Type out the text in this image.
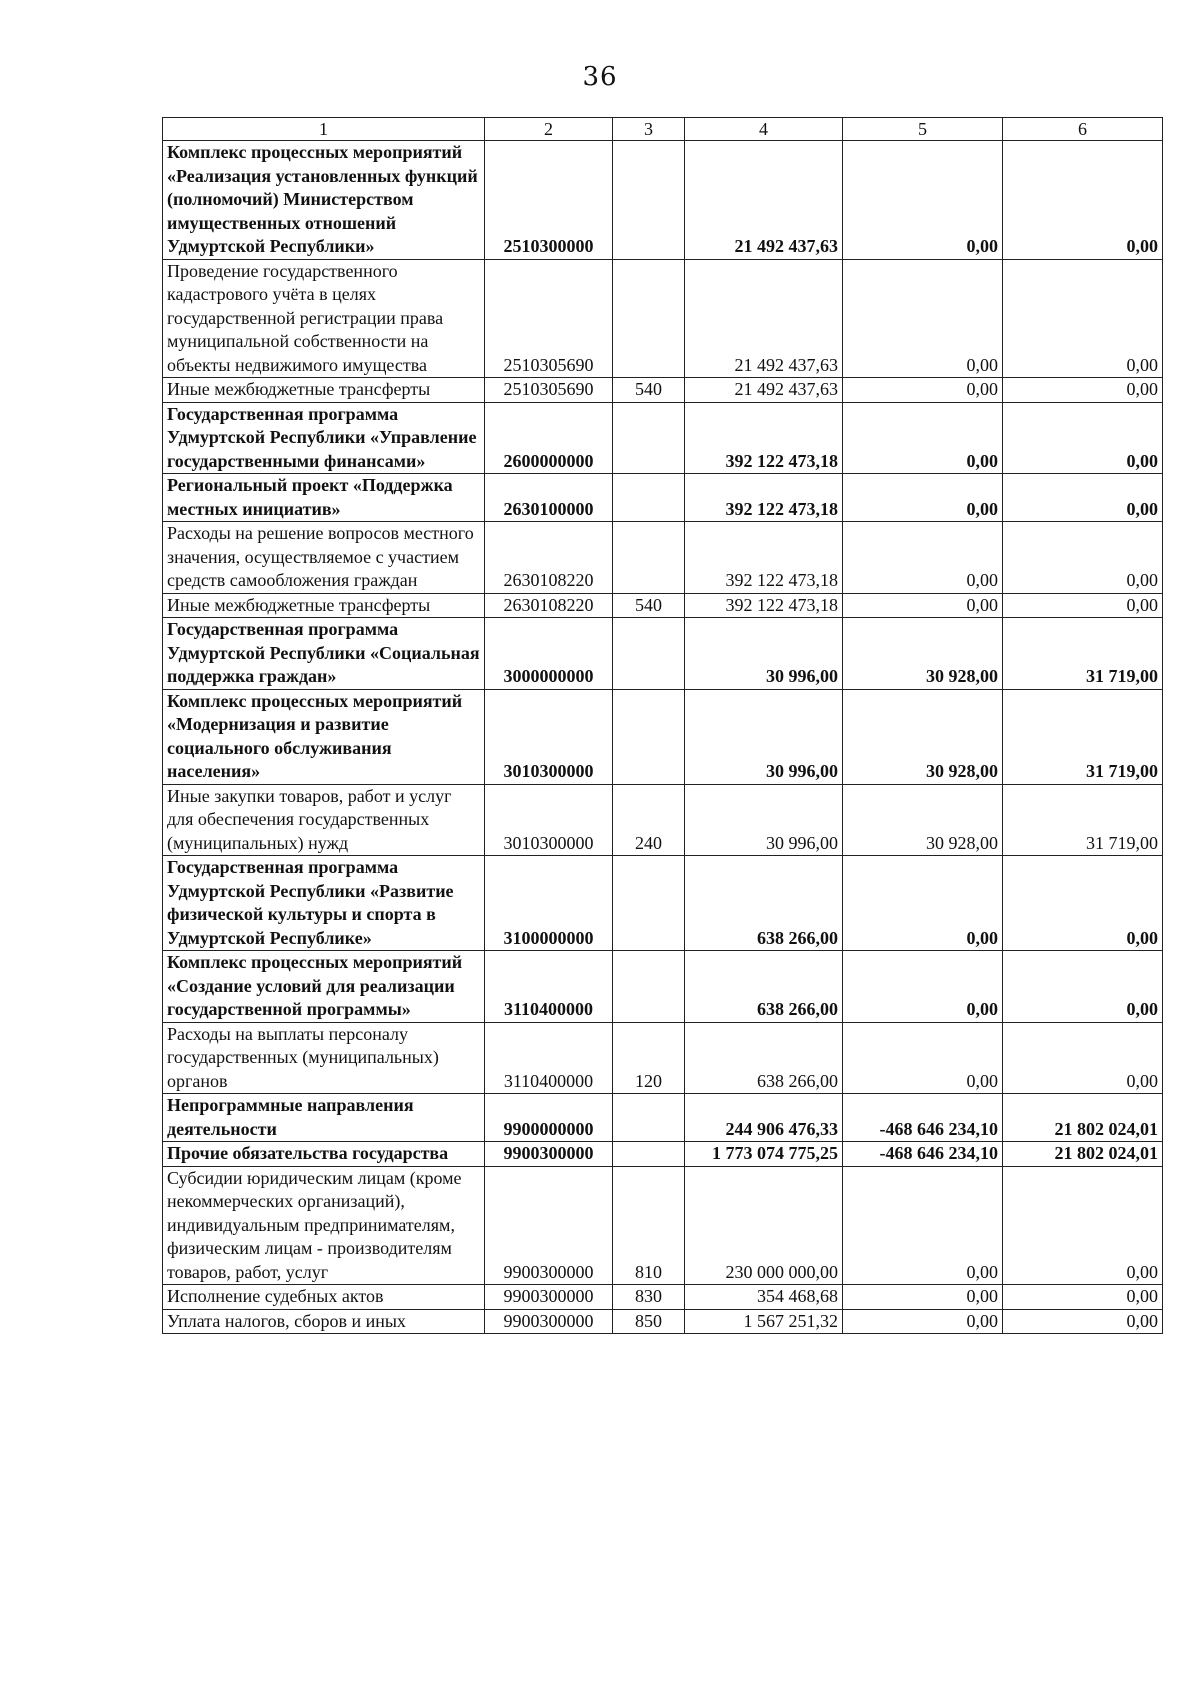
36
1	2	3	4	5	6
Комплекс процессных мероприятий «Реализация установленных функций (полномочий) Министерством имущественных отношений Удмуртской Республики»	2510300000		21 492 437,63	0,00	0,00
Проведение государственного кадастрового учёта в целях государственной регистрации права муниципальной собственности на объекты недвижимого имущества	2510305690		21 492 437,63	0,00	0,00
Иные межбюджетные трансферты	2510305690	540	21 492 437,63	0,00	0,00
Государственная программа Удмуртской Республики «Управление государственными финансами»	2600000000		392 122 473,18	0,00	0,00
Региональный проект «Поддержка местных инициатив»	2630100000		392 122 473,18	0,00	0,00
Расходы на решение вопросов местного значения, осуществляемое с участием средств самообложения граждан	2630108220		392 122 473,18	0,00	0,00
Иные межбюджетные трансферты	2630108220	540	392 122 473,18	0,00	0,00
Государственная программа Удмуртской Республики «Социальная поддержка граждан»	3000000000		30 996,00	30 928,00	31 719,00
Комплекс процессных мероприятий «Модернизация и развитие социального обслуживания населения»	3010300000		30 996,00	30 928,00	31 719,00
Иные закупки товаров, работ и услуг для обеспечения государственных (муниципальных) нужд	3010300000	240	30 996,00	30 928,00	31 719,00
Государственная программа Удмуртской Республики «Развитие физической культуры и спорта в Удмуртской Республике»	3100000000		638 266,00	0,00	0,00
Комплекс процессных мероприятий «Создание условий для реализации государственной программы»	3110400000		638 266,00	0,00	0,00
Расходы на выплаты персоналу государственных (муниципальных) органов	3110400000	120	638 266,00	0,00	0,00
Непрограммные направления деятельности	9900000000		244 906 476,33	-468 646 234,10	21 802 024,01
Прочие обязательства государства	9900300000		1 773 074 775,25	-468 646 234,10	21 802 024,01
Субсидии юридическим лицам (кроме некоммерческих организаций), индивидуальным предпринимателям, физическим лицам - производителям товаров, работ, услуг	9900300000	810	230 000 000,00	0,00	0,00
Исполнение судебных актов	9900300000	830	354 468,68	0,00	0,00
Уплата налогов, сборов и иных	9900300000	850	1 567 251,32	0,00	0,00
